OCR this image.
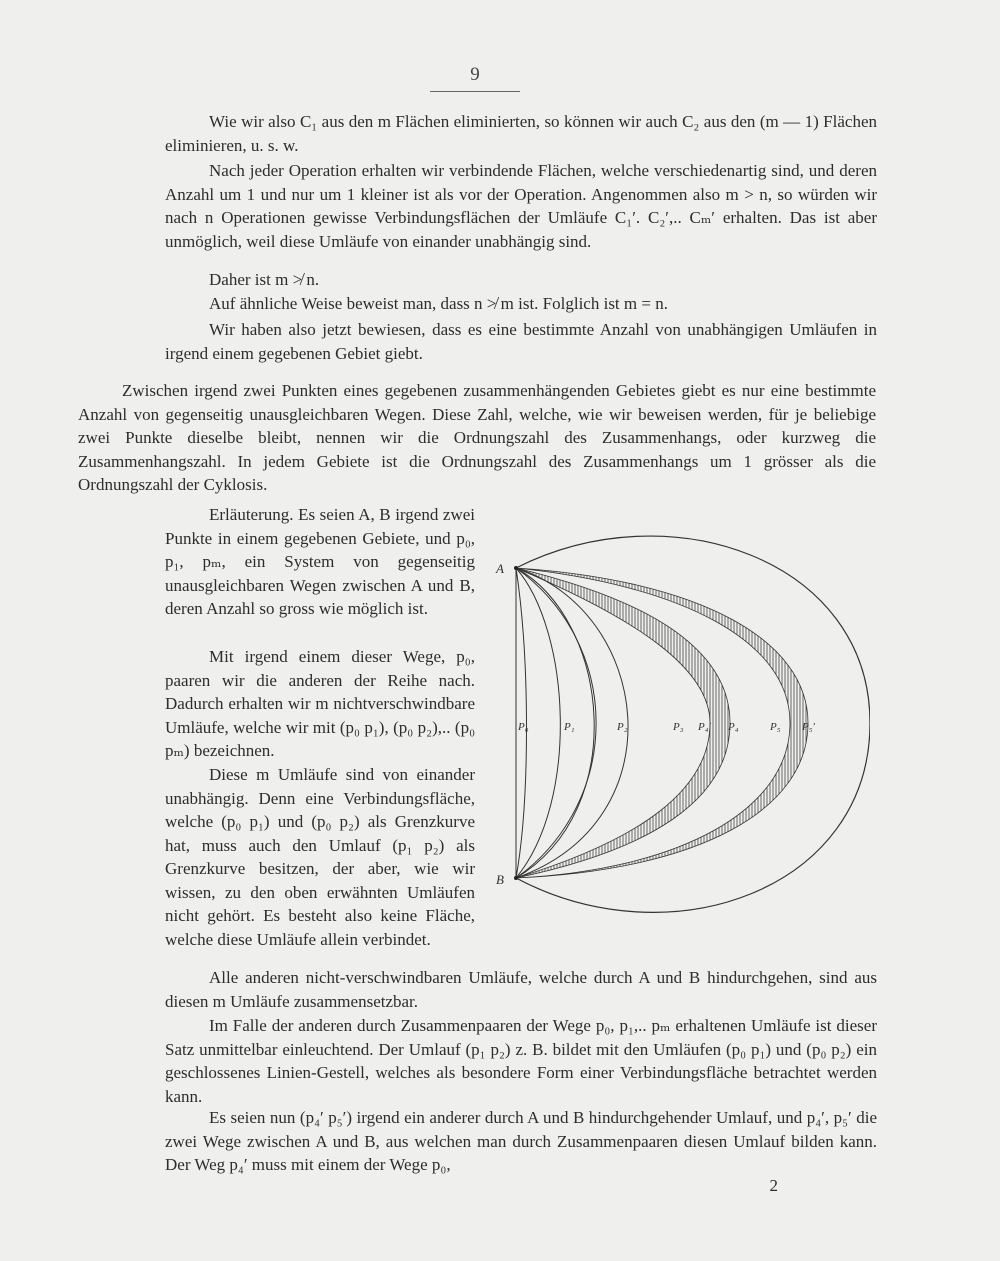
9

Wie wir also C₁ aus den m Flächen eliminierten, so können wir auch C₂ aus den (m — 1) Flächen eliminieren, u. s. w.

Nach jeder Operation erhalten wir verbindende Flächen, welche verschiedenartig sind, und deren Anzahl um 1 und nur um 1 kleiner ist als vor der Operation. Angenommen also m > n, so würden wir nach n Operationen gewisse Verbindungsflächen der Umläufe C₁′. C₂′,.. Cₘ′ erhalten. Das ist aber unmöglich, weil diese Umläufe von einander unabhängig sind.

Daher ist m ≯ n.

Auf ähnliche Weise beweist man, dass n ≯ m ist. Folglich ist m = n.

Wir haben also jetzt bewiesen, dass es eine bestimmte Anzahl von unabhängigen Umläufen in irgend einem gegebenen Gebiet giebt.

Zwischen irgend zwei Punkten eines gegebenen zusammenhängenden Gebietes giebt es nur eine bestimmte Anzahl von gegenseitig unausgleichbaren Wegen. Diese Zahl, welche, wie wir beweisen werden, für je beliebige zwei Punkte dieselbe bleibt, nennen wir die Ordnungszahl des Zusammenhangs, oder kurzweg die Zusammenhangszahl. In jedem Gebiete ist die Ordnungszahl des Zusammenhangs um 1 grösser als die Ordnungszahl der Cyklosis.

Erläuterung. Es seien A, B irgend zwei Punkte in einem gegebenen Gebiete, und p₀, p₁, pₘ, ein System von gegenseitig unausgleichbaren Wegen zwischen A und B, deren Anzahl so gross wie möglich ist.

Mit irgend einem dieser Wege, p₀, paaren wir die anderen der Reihe nach. Dadurch erhalten wir m nichtverschwindbare Umläufe, welche wir mit (p₀ p₁), (p₀ p₂),.. (p₀ pₘ) bezeichnen.

Diese m Umläufe sind von einander unabhängig. Denn eine Verbindungsfläche, welche (p₀ p₁) und (p₀ p₂) als Grenzkurve hat, muss auch den Umlauf (p₁ p₂) als Grenzkurve besitzen, der aber, wie wir wissen, zu den oben erwähnten Umläufen nicht gehört. Es besteht also keine Fläche, welche diese Umläufe allein verbindet.

Alle anderen nicht-verschwindbaren Umläufe, welche durch A und B hindurchgehen, sind aus diesen m Umläufe zusammensetzbar.

Im Falle der anderen durch Zusammenpaaren der Wege p₀, p₁,.. pₘ erhaltenen Umläufe ist dieser Satz unmittelbar einleuchtend. Der Umlauf (p₁ p₂) z. B. bildet mit den Umläufen (p₀ p₁) und (p₀ p₂) ein geschlossenes Linien-Gestell, welches als besondere Form einer Verbindungsfläche betrachtet werden kann.

Es seien nun (p₄′ p₅′) irgend ein anderer durch A und B hindurchgehender Umlauf, und p₄′, p₅′ die zwei Wege zwischen A und B, aus welchen man durch Zusammenpaaren diesen Umlauf bilden kann. Der Weg p₄′ muss mit einem der Wege p₀,

2
A
B
P₀	P₁	P₂	P₃ P₄′ P₄	P₅ P₅′
